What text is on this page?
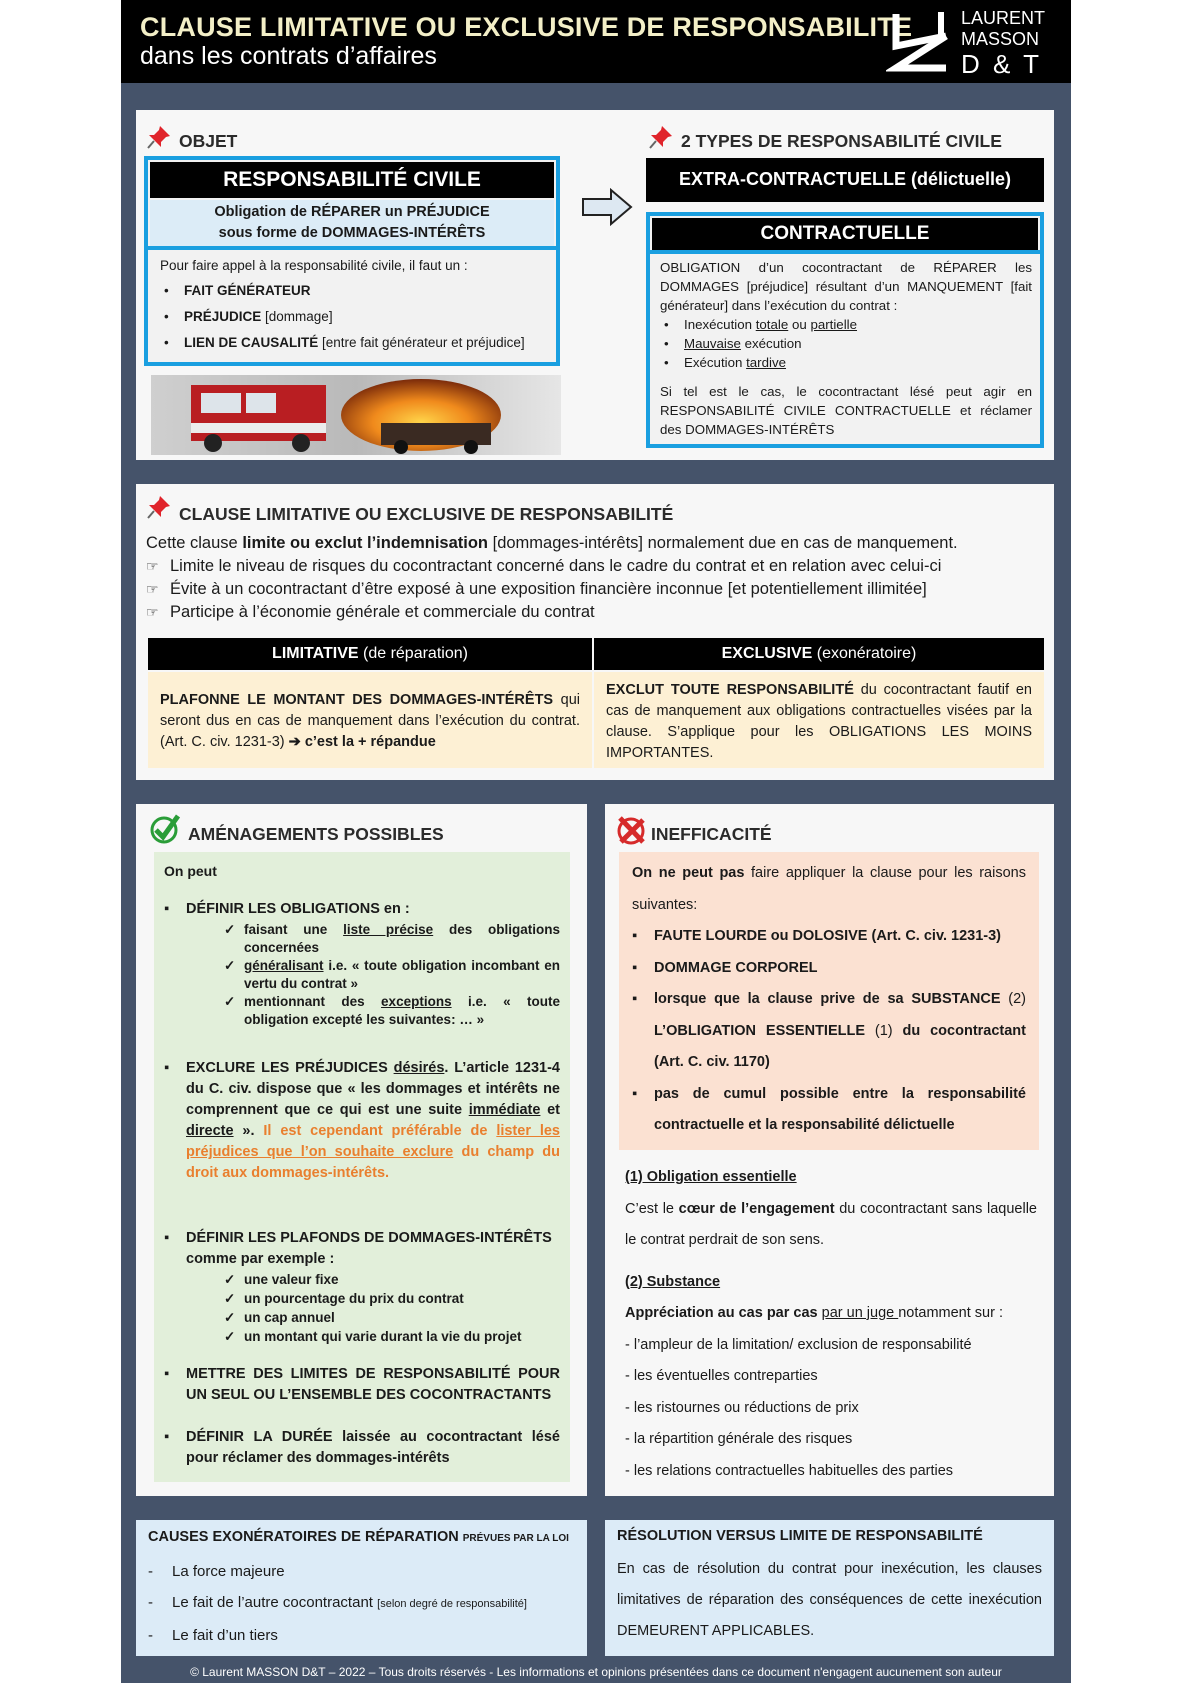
CLAUSE LIMITATIVE OU EXCLUSIVE DE RESPONSABILITE
dans les contrats d’affaires
LAURENT
MASSON
D & T
OBJET
RESPONSABILITÉ CIVILE
Obligation de RÉPARER un PRÉJUDICE
sous forme de DOMMAGES-INTÉRÊTS
Pour faire appel à la responsabilité civile, il faut un :
• FAIT GÉNÉRATEUR
• PRÉJUDICE [dommage]
• LIEN DE CAUSALITÉ [entre fait générateur et préjudice]
2 TYPES DE RESPONSABILITÉ CIVILE
EXTRA-CONTRACTUELLE (délictuelle)
CONTRACTUELLE
OBLIGATION d’un cocontractant de RÉPARER les DOMMAGES [préjudice] résultant d’un MANQUEMENT [fait générateur] dans l’exécution du contrat :
• Inexécution totale ou partielle
• Mauvaise exécution
• Exécution tardive
Si tel est le cas, le cocontractant lésé peut agir en RESPONSABILITÉ CIVILE CONTRACTUELLE et réclamer des DOMMAGES-INTÉRÊTS
CLAUSE LIMITATIVE OU EXCLUSIVE DE RESPONSABILITÉ
Cette clause limite ou exclut l’indemnisation [dommages-intérêts] normalement due en cas de manquement.
☞ Limite le niveau de risques du cocontractant concerné dans le cadre du contrat et en relation avec celui-ci
☞ Évite à un cocontractant d’être exposé à une exposition financière inconnue [et potentiellement illimitée]
☞ Participe à l’économie générale et commerciale du contrat
LIMITATIVE (de réparation)	EXCLUSIVE (exonératoire)
PLAFONNE LE MONTANT DES DOMMAGES-INTÉRÊTS qui seront dus en cas de manquement dans l’exécution du contrat. (Art. C. civ. 1231-3) ➔ c’est la + répandue
EXCLUT TOUTE RESPONSABILITÉ du cocontractant fautif en cas de manquement aux obligations contractuelles visées par la clause. S’applique pour les OBLIGATIONS LES MOINS IMPORTANTES.
AMÉNAGEMENTS POSSIBLES
On peut
▪ DÉFINIR LES OBLIGATIONS en :
✓ faisant une liste précise des obligations concernées
✓ généralisant i.e. « toute obligation incombant en vertu du contrat »
✓ mentionnant des exceptions i.e. « toute obligation excepté les suivantes: … »
▪ EXCLURE LES PRÉJUDICES désirés. L’article 1231-4 du C. civ. dispose que « les dommages et intérêts ne comprennent que ce qui est une suite immédiate et directe ». Il est cependant préférable de lister les préjudices que l’on souhaite exclure du champ du droit aux dommages-intérêts.
▪ DÉFINIR LES PLAFONDS DE DOMMAGES-INTÉRÊTS comme par exemple :
✓ une valeur fixe
✓ un pourcentage du prix du contrat
✓ un cap annuel
✓ un montant qui varie durant la vie du projet
▪ METTRE DES LIMITES DE RESPONSABILITÉ POUR UN SEUL OU L’ENSEMBLE DES COCONTRACTANTS
▪ DÉFINIR LA DURÉE laissée au cocontractant lésé pour réclamer des dommages-intérêts
INEFFICACITÉ
On ne peut pas faire appliquer la clause pour les raisons suivantes:
▪ FAUTE LOURDE ou DOLOSIVE (Art. C. civ. 1231-3)
▪ DOMMAGE CORPOREL
▪ lorsque que la clause prive de sa SUBSTANCE (2) L’OBLIGATION ESSENTIELLE (1) du cocontractant (Art. C. civ. 1170)
▪ pas de cumul possible entre la responsabilité contractuelle et la responsabilité délictuelle
(1) Obligation essentielle
C’est le cœur de l’engagement du cocontractant sans laquelle le contrat perdrait de son sens.
(2) Substance
Appréciation au cas par cas par un juge notamment sur :
- l’ampleur de la limitation/ exclusion de responsabilité
- les éventuelles contreparties
- les ristournes ou réductions de prix
- la répartition générale des risques
- les relations contractuelles habituelles des parties
CAUSES EXONÉRATOIRES DE RÉPARATION PRÉVUES PAR LA LOI
- La force majeure
- Le fait de l’autre cocontractant [selon degré de responsabilité]
- Le fait d’un tiers
RÉSOLUTION VERSUS LIMITE DE RESPONSABILITÉ
En cas de résolution du contrat pour inexécution, les clauses limitatives de réparation des conséquences de cette inexécution DEMEURENT APPLICABLES.
© Laurent MASSON D&T – 2022 – Tous droits réservés - Les informations et opinions présentées dans ce document n'engagent aucunement son auteur
